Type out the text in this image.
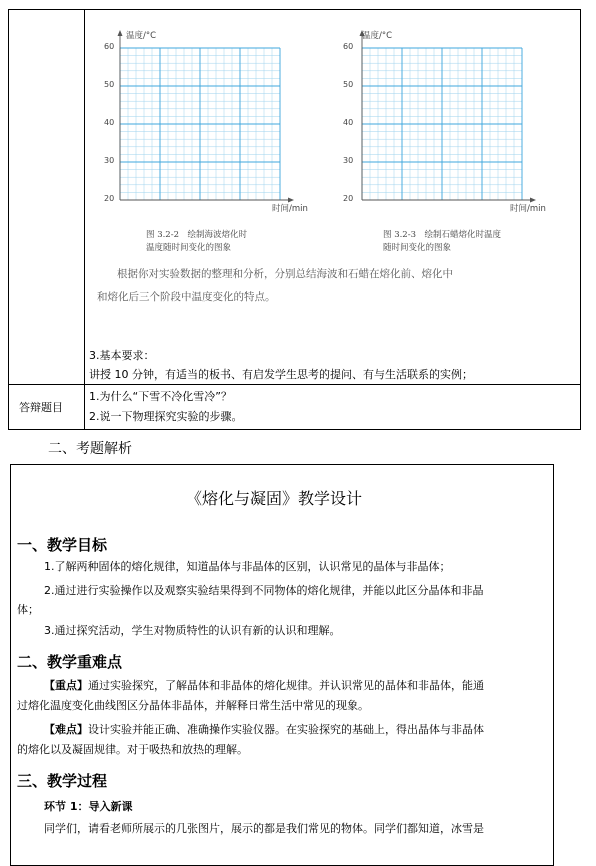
温度/°C
时间/min
温度/°C
时间/min
60
50
40
30
20
60
50
40
30
20
图 3.2-2　绘制海波熔化时
温度随时间变化的图象
图 3.2-3　绘制石蜡熔化时温度
随时间变化的图象
根据你对实验数据的整理和分析，分别总结海波和石蜡在熔化前、熔化中
和熔化后三个阶段中温度变化的特点。
3.基本要求：
讲授 10 分钟，有适当的板书、有启发学生思考的提问、有与生活联系的实例；
答辩题目
1.为什么“下雪不冷化雪冷”？
2.说一下物理探究实验的步骤。
二、考题解析
《熔化与凝固》教学设计
一、教学目标
1.了解两种固体的熔化规律，知道晶体与非晶体的区别，认识常见的晶体与非晶体；
2.通过进行实验操作以及观察实验结果得到不同物体的熔化规律，并能以此区分晶体和非晶
体；
3.通过探究活动，学生对物质特性的认识有新的认识和理解。
二、教学重难点
【重点】通过实验探究，了解晶体和非晶体的熔化规律。并认识常见的晶体和非晶体，能通
过熔化温度变化曲线图区分晶体非晶体，并解释日常生活中常见的现象。
【难点】设计实验并能正确、准确操作实验仪器。在实验探究的基础上，得出晶体与非晶体
的熔化以及凝固规律。对于吸热和放热的理解。
三、教学过程
环节 1：导入新课
同学们，请看老师所展示的几张图片，展示的都是我们常见的物体。同学们都知道，冰雪是
